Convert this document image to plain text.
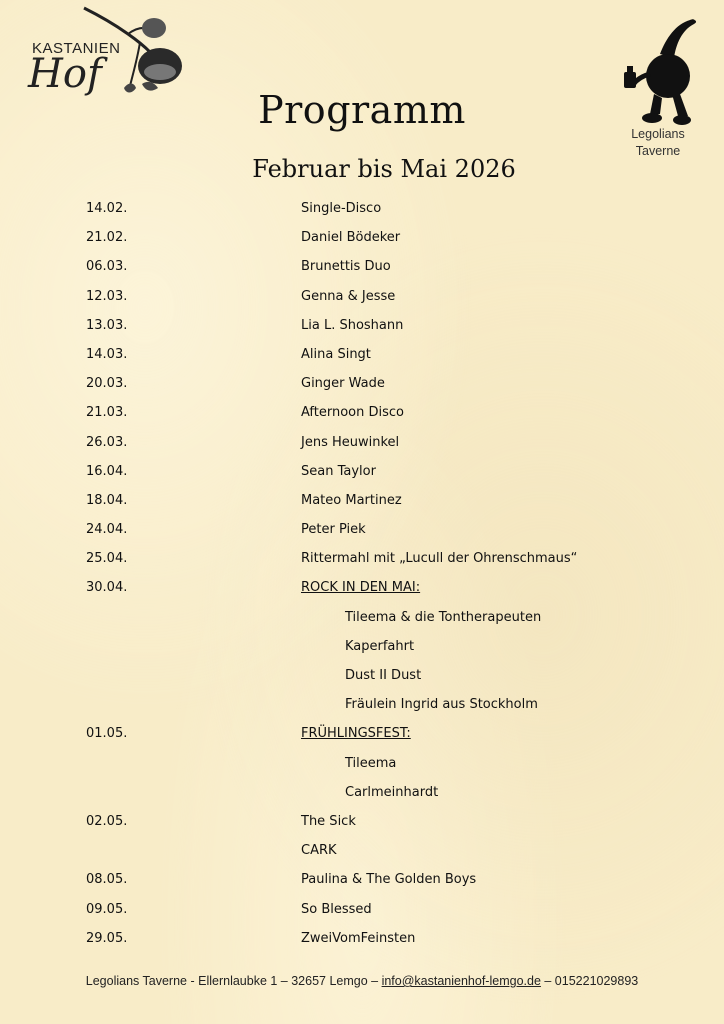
KASTANIEN
Hof
Legolians
Taverne
Programm
Februar bis Mai 2026
14.02.	Single-Disco
21.02.	Daniel Bödeker
06.03.	Brunettis Duo
12.03.	Genna & Jesse
13.03.	Lia L. Shoshann
14.03.	Alina Singt
20.03.	Ginger Wade
21.03.	Afternoon Disco
26.03.	Jens Heuwinkel
16.04.	Sean Taylor
18.04.	Mateo Martinez
24.04.	Peter Piek
25.04.	Rittermahl mit „Lucull der Ohrenschmaus“
30.04.	ROCK IN DEN MAI:
Tileema & die Tontherapeuten
Kaperfahrt
Dust II Dust
Fräulein Ingrid aus Stockholm
01.05.	FRÜHLINGSFEST:
Tileema
Carlmeinhardt
02.05.	The Sick
CARK
08.05.	Paulina & The Golden Boys
09.05.	So Blessed
29.05.	ZweiVomFeinsten
Legolians Taverne - Ellernlaubke 1 – 32657 Lemgo – info@kastanienhof-lemgo.de – 015221029893
